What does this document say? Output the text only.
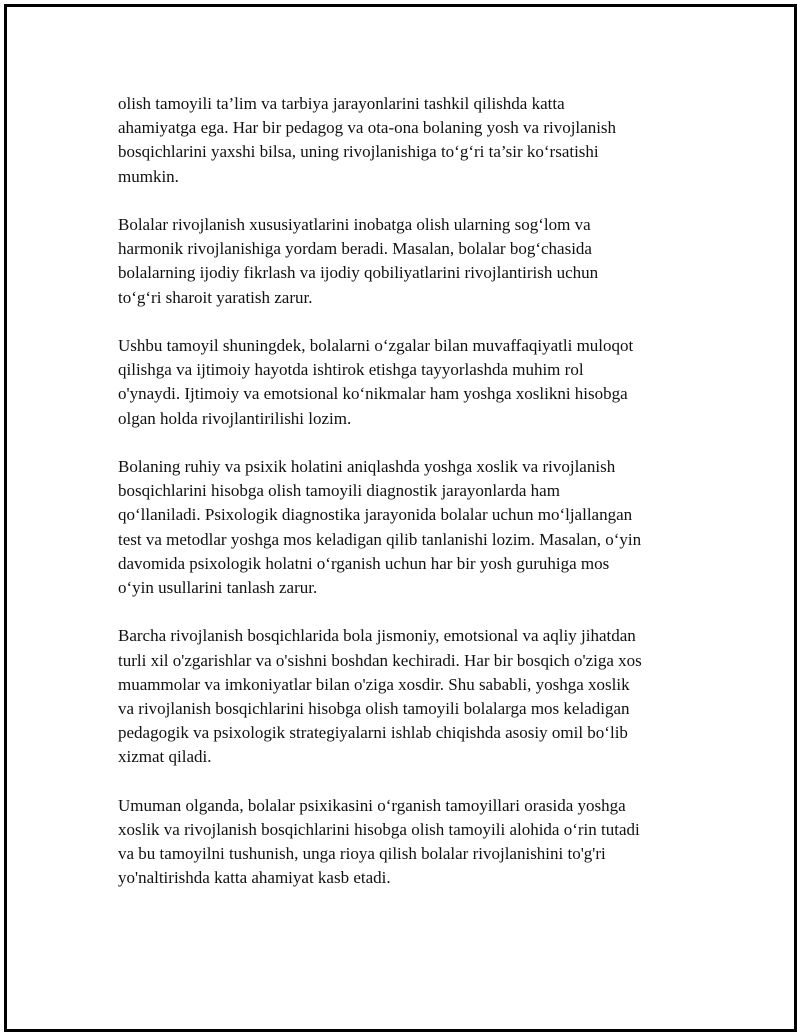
olish tamoyili ta’lim va tarbiya jarayonlarini tashkil qilishda katta
ahamiyatga ega. Har bir pedagog va ota-ona bolaning yosh va rivojlanish
bosqichlarini yaxshi bilsa, uning rivojlanishiga to‘g‘ri ta’sir ko‘rsatishi
mumkin.

Bolalar rivojlanish xususiyatlarini inobatga olish ularning sog‘lom va
harmonik rivojlanishiga yordam beradi. Masalan, bolalar bog‘chasida
bolalarning ijodiy fikrlash va ijodiy qobiliyatlarini rivojlantirish uchun
to‘g‘ri sharoit yaratish zarur.

Ushbu tamoyil shuningdek, bolalarni o‘zgalar bilan muvaffaqiyatli muloqot
qilishga va ijtimoiy hayotda ishtirok etishga tayyorlashda muhim rol
o'ynaydi. Ijtimoiy va emotsional ko‘nikmalar ham yoshga xoslikni hisobga
olgan holda rivojlantirilishi lozim.

Bolaning ruhiy va psixik holatini aniqlashda yoshga xoslik va rivojlanish
bosqichlarini hisobga olish tamoyili diagnostik jarayonlarda ham
qo‘llaniladi. Psixologik diagnostika jarayonida bolalar uchun mo‘ljallangan
test va metodlar yoshga mos keladigan qilib tanlanishi lozim. Masalan, o‘yin
davomida psixologik holatni o‘rganish uchun har bir yosh guruhiga mos
o‘yin usullarini tanlash zarur.

Barcha rivojlanish bosqichlarida bola jismoniy, emotsional va aqliy jihatdan
turli xil o'zgarishlar va o'sishni boshdan kechiradi. Har bir bosqich o'ziga xos
muammolar va imkoniyatlar bilan o'ziga xosdir. Shu sababli, yoshga xoslik
va rivojlanish bosqichlarini hisobga olish tamoyili bolalarga mos keladigan
pedagogik va psixologik strategiyalarni ishlab chiqishda asosiy omil bo‘lib
xizmat qiladi.

Umuman olganda, bolalar psixikasini o‘rganish tamoyillari orasida yoshga
xoslik va rivojlanish bosqichlarini hisobga olish tamoyili alohida o‘rin tutadi
va bu tamoyilni tushunish, unga rioya qilish bolalar rivojlanishini to'g'ri
yo'naltirishda katta ahamiyat kasb etadi.
